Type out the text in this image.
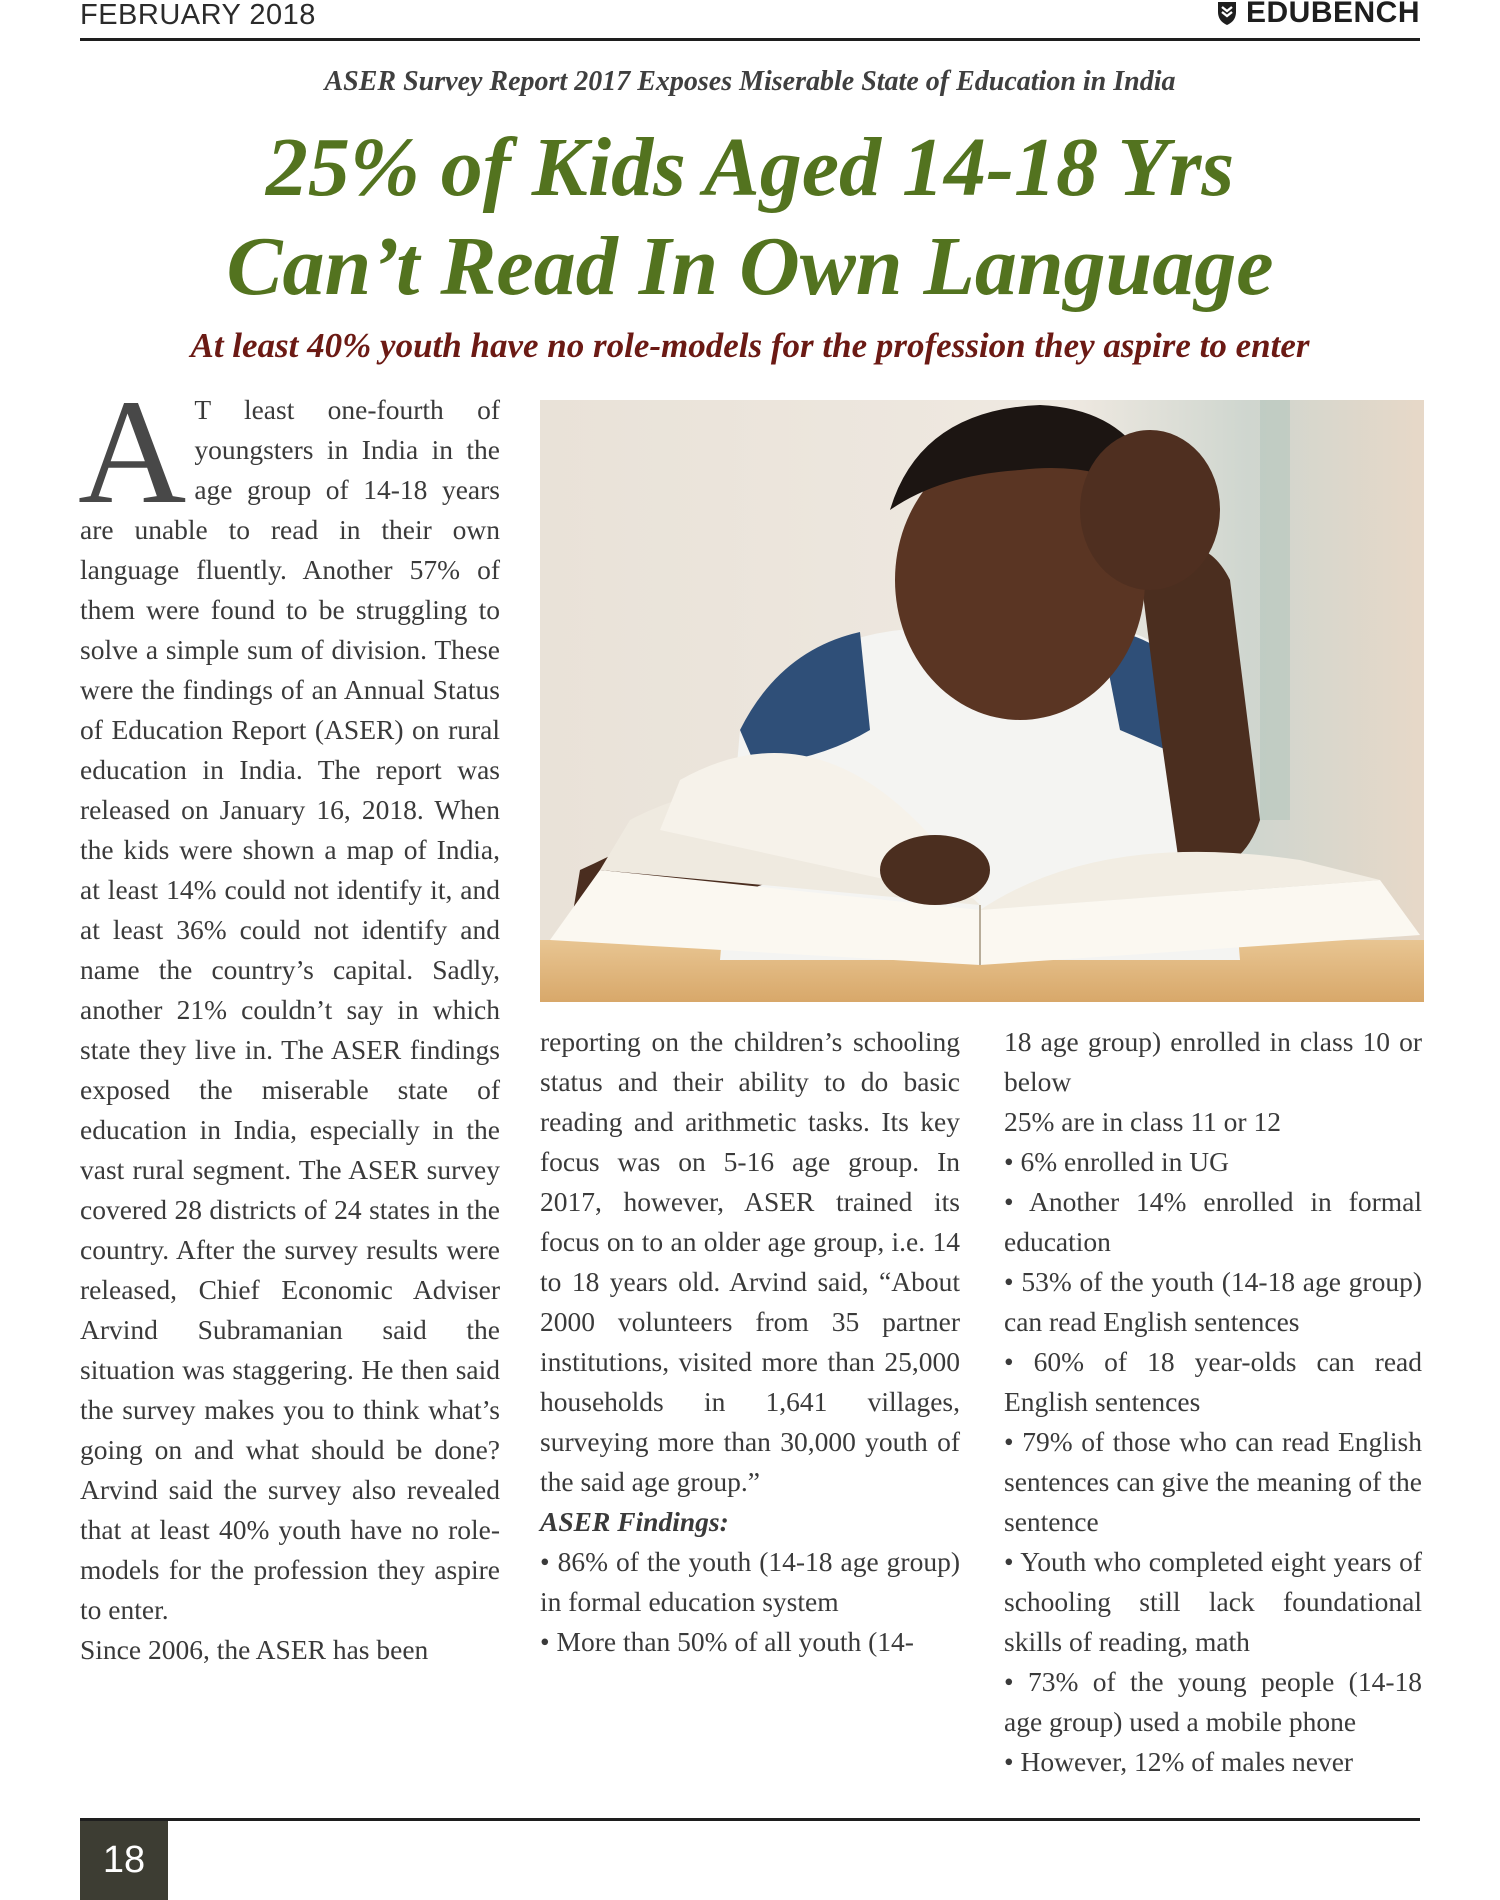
FEBRUARY 2018	EDUBENCH
ASER Survey Report 2017 Exposes Miserable State of Education in India
25% of Kids Aged 14-18 Yrs
Can’t Read In Own Language
At least 40% youth have no role-models for the profession they aspire to enter

A T least one-fourth of youngsters in India in the age group of 14-18 years are unable to read in their own language fluently. Another 57% of them were found to be struggling to solve a simple sum of division. These were the findings of an Annual Status of Education Report (ASER) on rural education in India. The report was released on January 16, 2018. When the kids were shown a map of India, at least 14% could not identify it, and at least 36% could not identify and name the country’s capital. Sadly, another 21% couldn’t say in which state they live in. The ASER findings exposed the miserable state of education in India, especially in the vast rural segment. The ASER survey covered 28 districts of 24 states in the country. After the survey results were released, Chief Economic Adviser Arvind Subramanian said the situation was staggering. He then said the survey makes you to think what’s going on and what should be done? Arvind said the survey also revealed that at least 40% youth have no role-models for the profession they aspire to enter.

Since 2006, the ASER has been

reporting on the children’s schooling status and their ability to do basic reading and arithmetic tasks. Its key focus was on 5-16 age group. In 2017, however, ASER trained its focus on to an older age group, i.e. 14 to 18 years old. Arvind said, “About 2000 volunteers from 35 partner institutions, visited more than 25,000 households in 1,641 villages, surveying more than 30,000 youth of the said age group.”

ASER Findings:

• 86% of the youth (14-18 age group) in formal education system

• More than 50% of all youth (14-

18 age group) enrolled in class 10 or below

25% are in class 11 or 12

• 6% enrolled in UG

• Another 14% enrolled in formal education

• 53% of the youth (14-18 age group) can read English sentences

• 60% of 18 year-olds can read English sentences

• 79% of those who can read English sentences can give the meaning of the sentence

• Youth who completed eight years of schooling still lack foundational skills of reading, math

• 73% of the young people (14-18 age group) used a mobile phone

• However, 12% of males never

18
